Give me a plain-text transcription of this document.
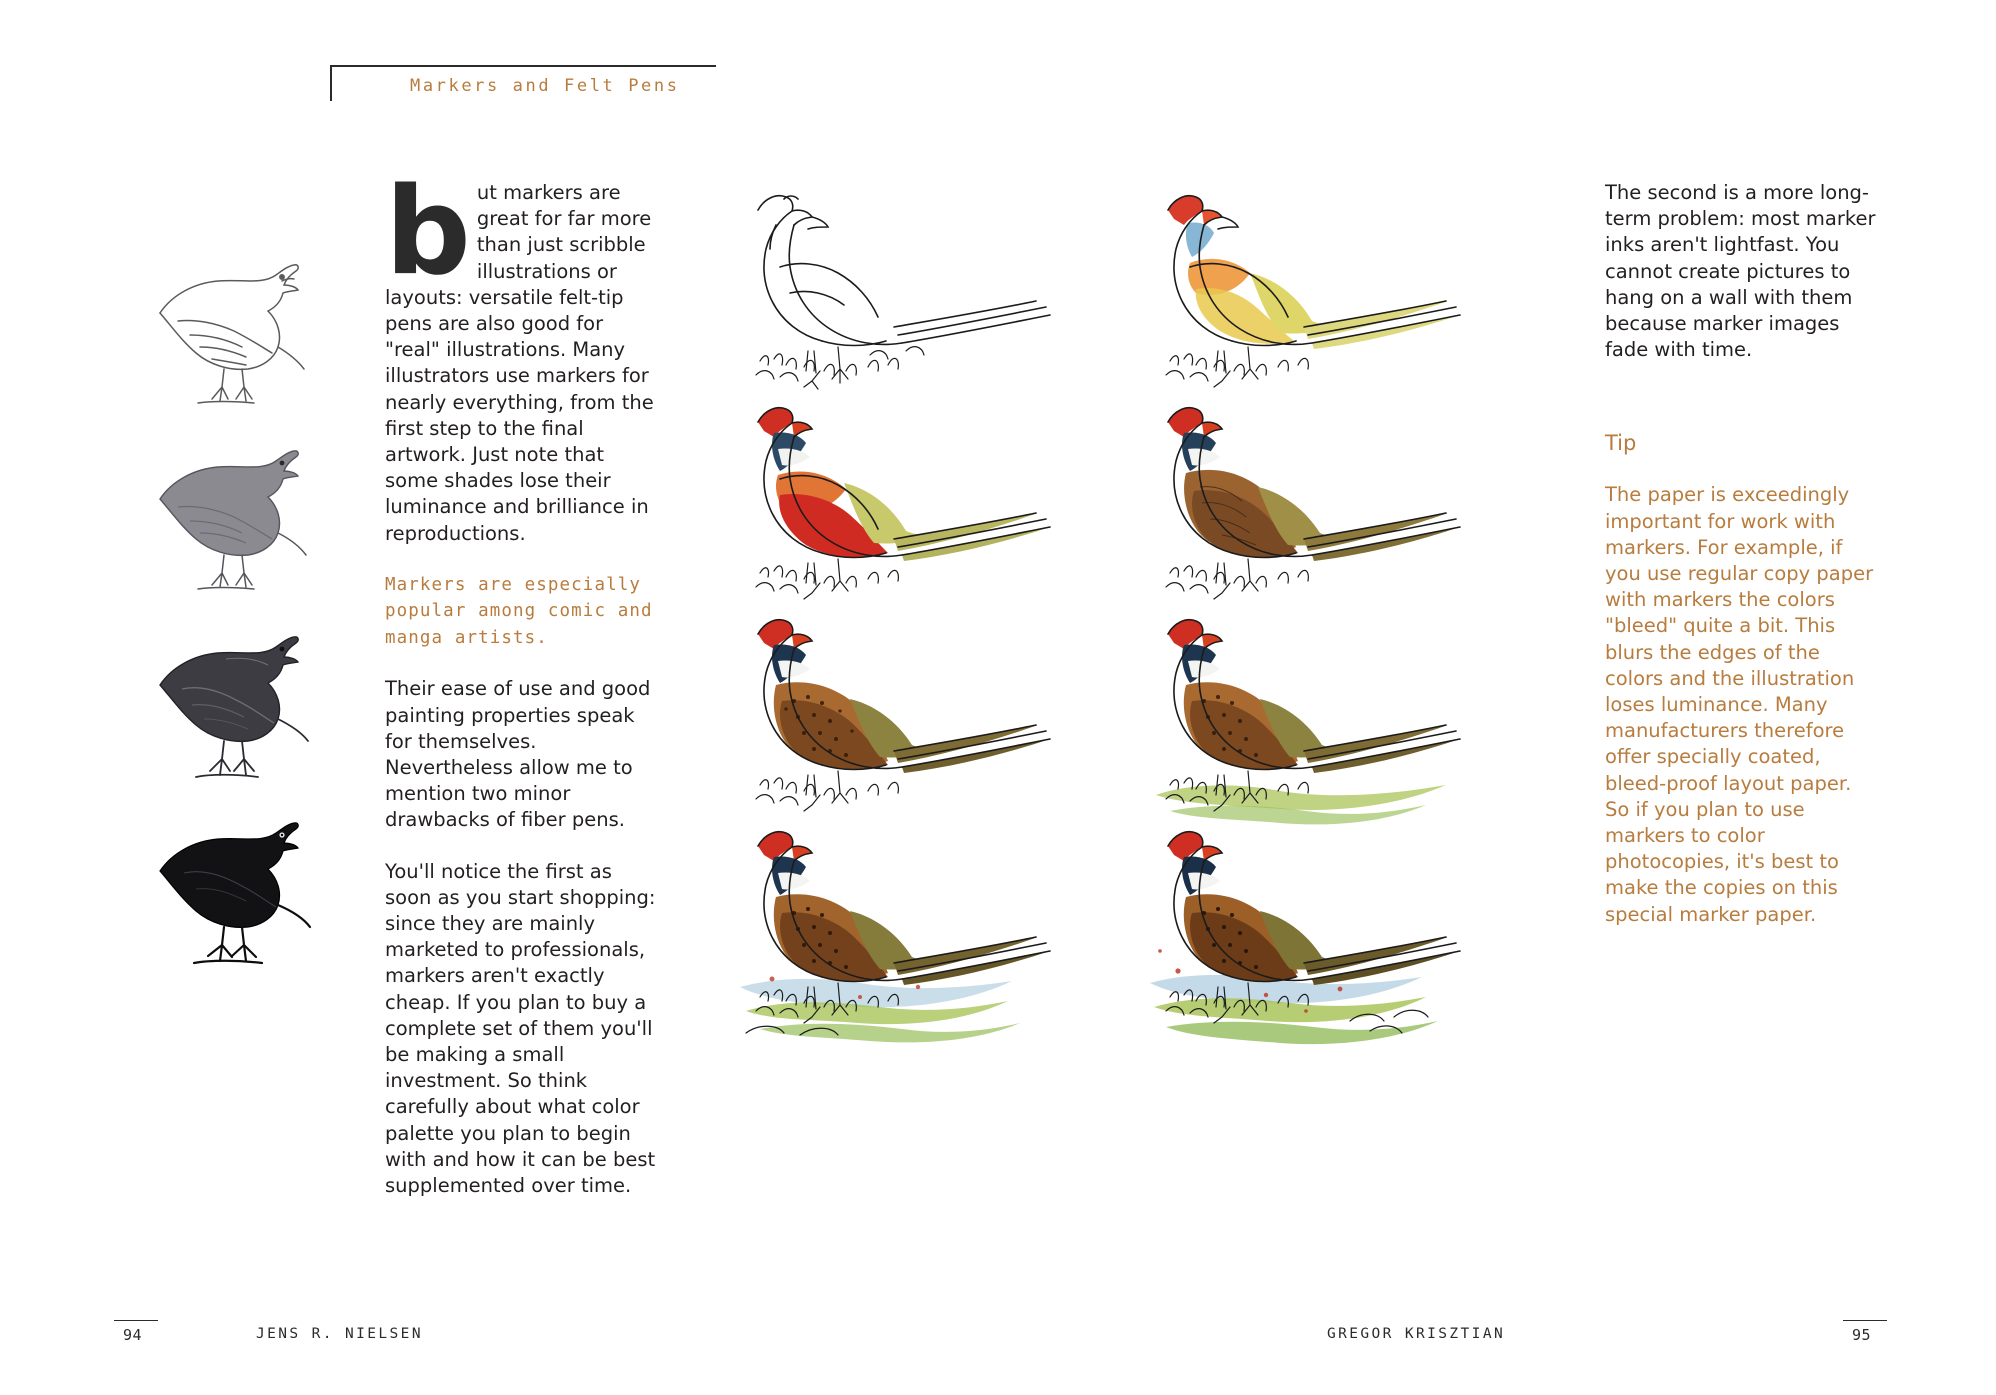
Markers and Felt Pens

but markers are great for far more than just scribble illustrations or layouts: versatile felt-tip pens are also good for "real" illustrations. Many illustrators use markers for nearly everything, from the first step to the final artwork. Just note that some shades lose their luminance and brilliance in reproductions.

Markers are especially popular among comic and manga artists.

Their ease of use and good painting properties speak for themselves. Nevertheless allow me to mention two minor drawbacks of fiber pens.

You'll notice the first as soon as you start shopping: since they are mainly marketed to professionals, markers aren't exactly cheap. If you plan to buy a complete set of them you'll be making a small investment. So think carefully about what color palette you plan to begin with and how it can be best supplemented over time.

The second is a more long-term problem: most marker inks aren't lightfast. You cannot create pictures to hang on a wall with them because marker images fade with time.

Tip

The paper is exceedingly important for work with markers. For example, if you use regular copy paper with markers the colors "bleed" quite a bit. This blurs the edges of the colors and the illustration loses luminance. Many manufacturers therefore offer specially coated, bleed-proof layout paper. So if you plan to use markers to color photocopies, it's best to make the copies on this special marker paper.

94	JENS R. NIELSEN	GREGOR KRISZTIAN	95
